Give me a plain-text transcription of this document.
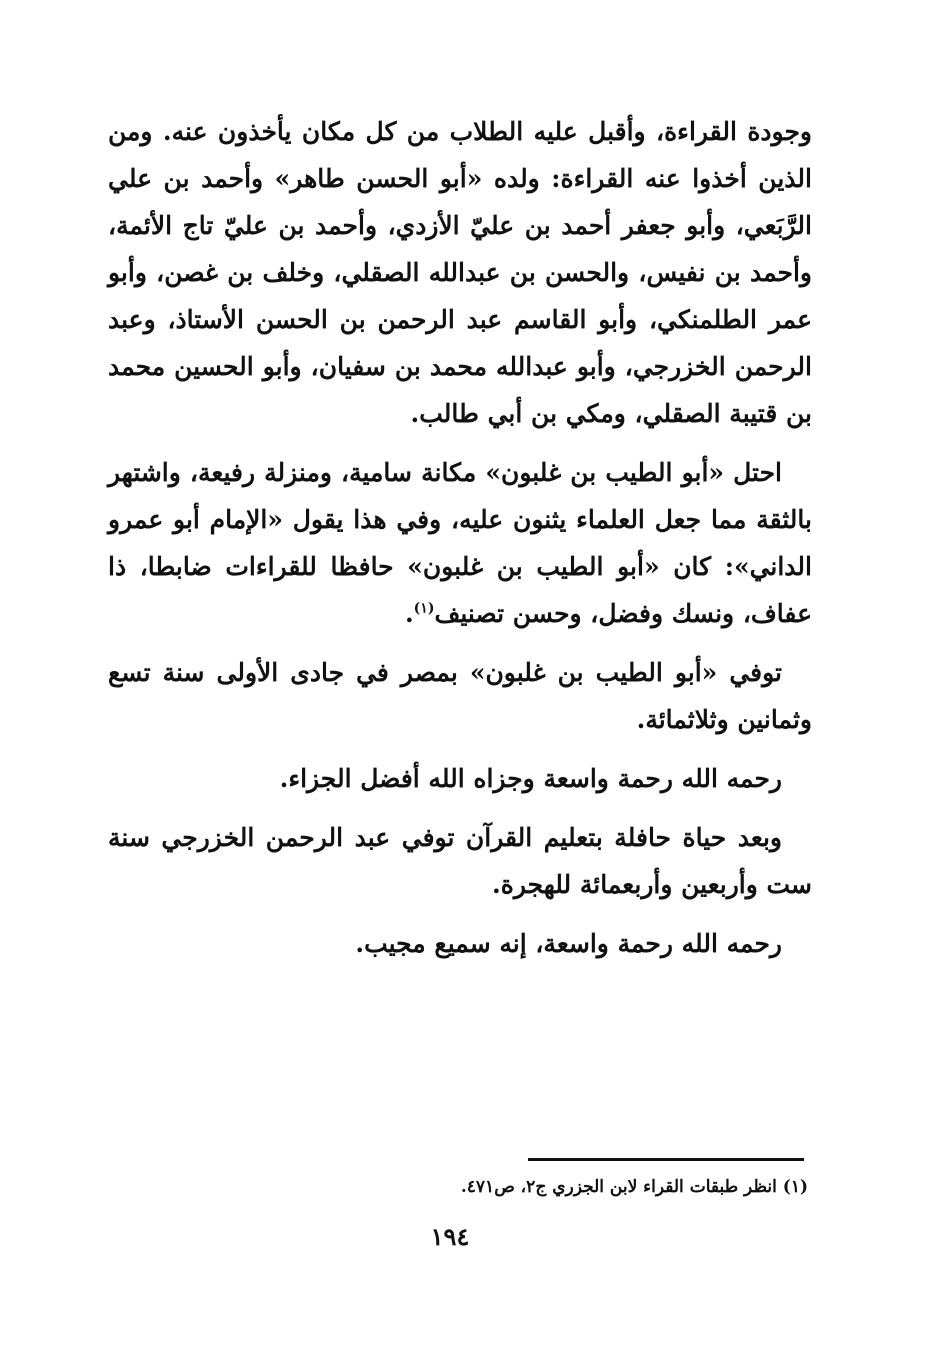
وجودة القراءة، وأقبل عليه الطلاب من كل مكان يأخذون عنه. ومن الذين أخذوا عنه القراءة: ولده «أبو الحسن طاهر» وأحمد بن علي الرَّبَعي، وأبو جعفر أحمد بن عليّ الأزدي، وأحمد بن عليّ تاج الأئمة، وأحمد بن نفيس، والحسن بن عبدالله الصقلي، وخلف بن غصن، وأبو عمر الطلمنكي، وأبو القاسم عبد الرحمن بن الحسن الأستاذ، وعبد الرحمن الخزرجي، وأبو عبدالله محمد بن سفيان، وأبو الحسين محمد بن قتيبة الصقلي، ومكي بن أبي طالب.

احتل «أبو الطيب بن غلبون» مكانة سامية، ومنزلة رفيعة، واشتهر بالثقة مما جعل العلماء يثنون عليه، وفي هذا يقول «الإمام أبو عمرو الداني»: كان «أبو الطيب بن غلبون» حافظا للقراءات ضابطا، ذا عفاف، ونسك وفضل، وحسن تصنيف$^{(١)}$.

توفي «أبو الطيب بن غلبون» بمصر في جادى الأولى سنة تسع وثمانين وثلاثمائة.

رحمه الله رحمة واسعة وجزاه الله أفضل الجزاء.

وبعد حياة حافلة بتعليم القرآن توفي عبد الرحمن الخزرجي سنة ست وأربعين وأربعمائة للهجرة.

رحمه الله رحمة واسعة، إنه سميع مجيب.

(١) انظر طبقات القراء لابن الجزري ج٢، ص٤٧١.
١٩٤
